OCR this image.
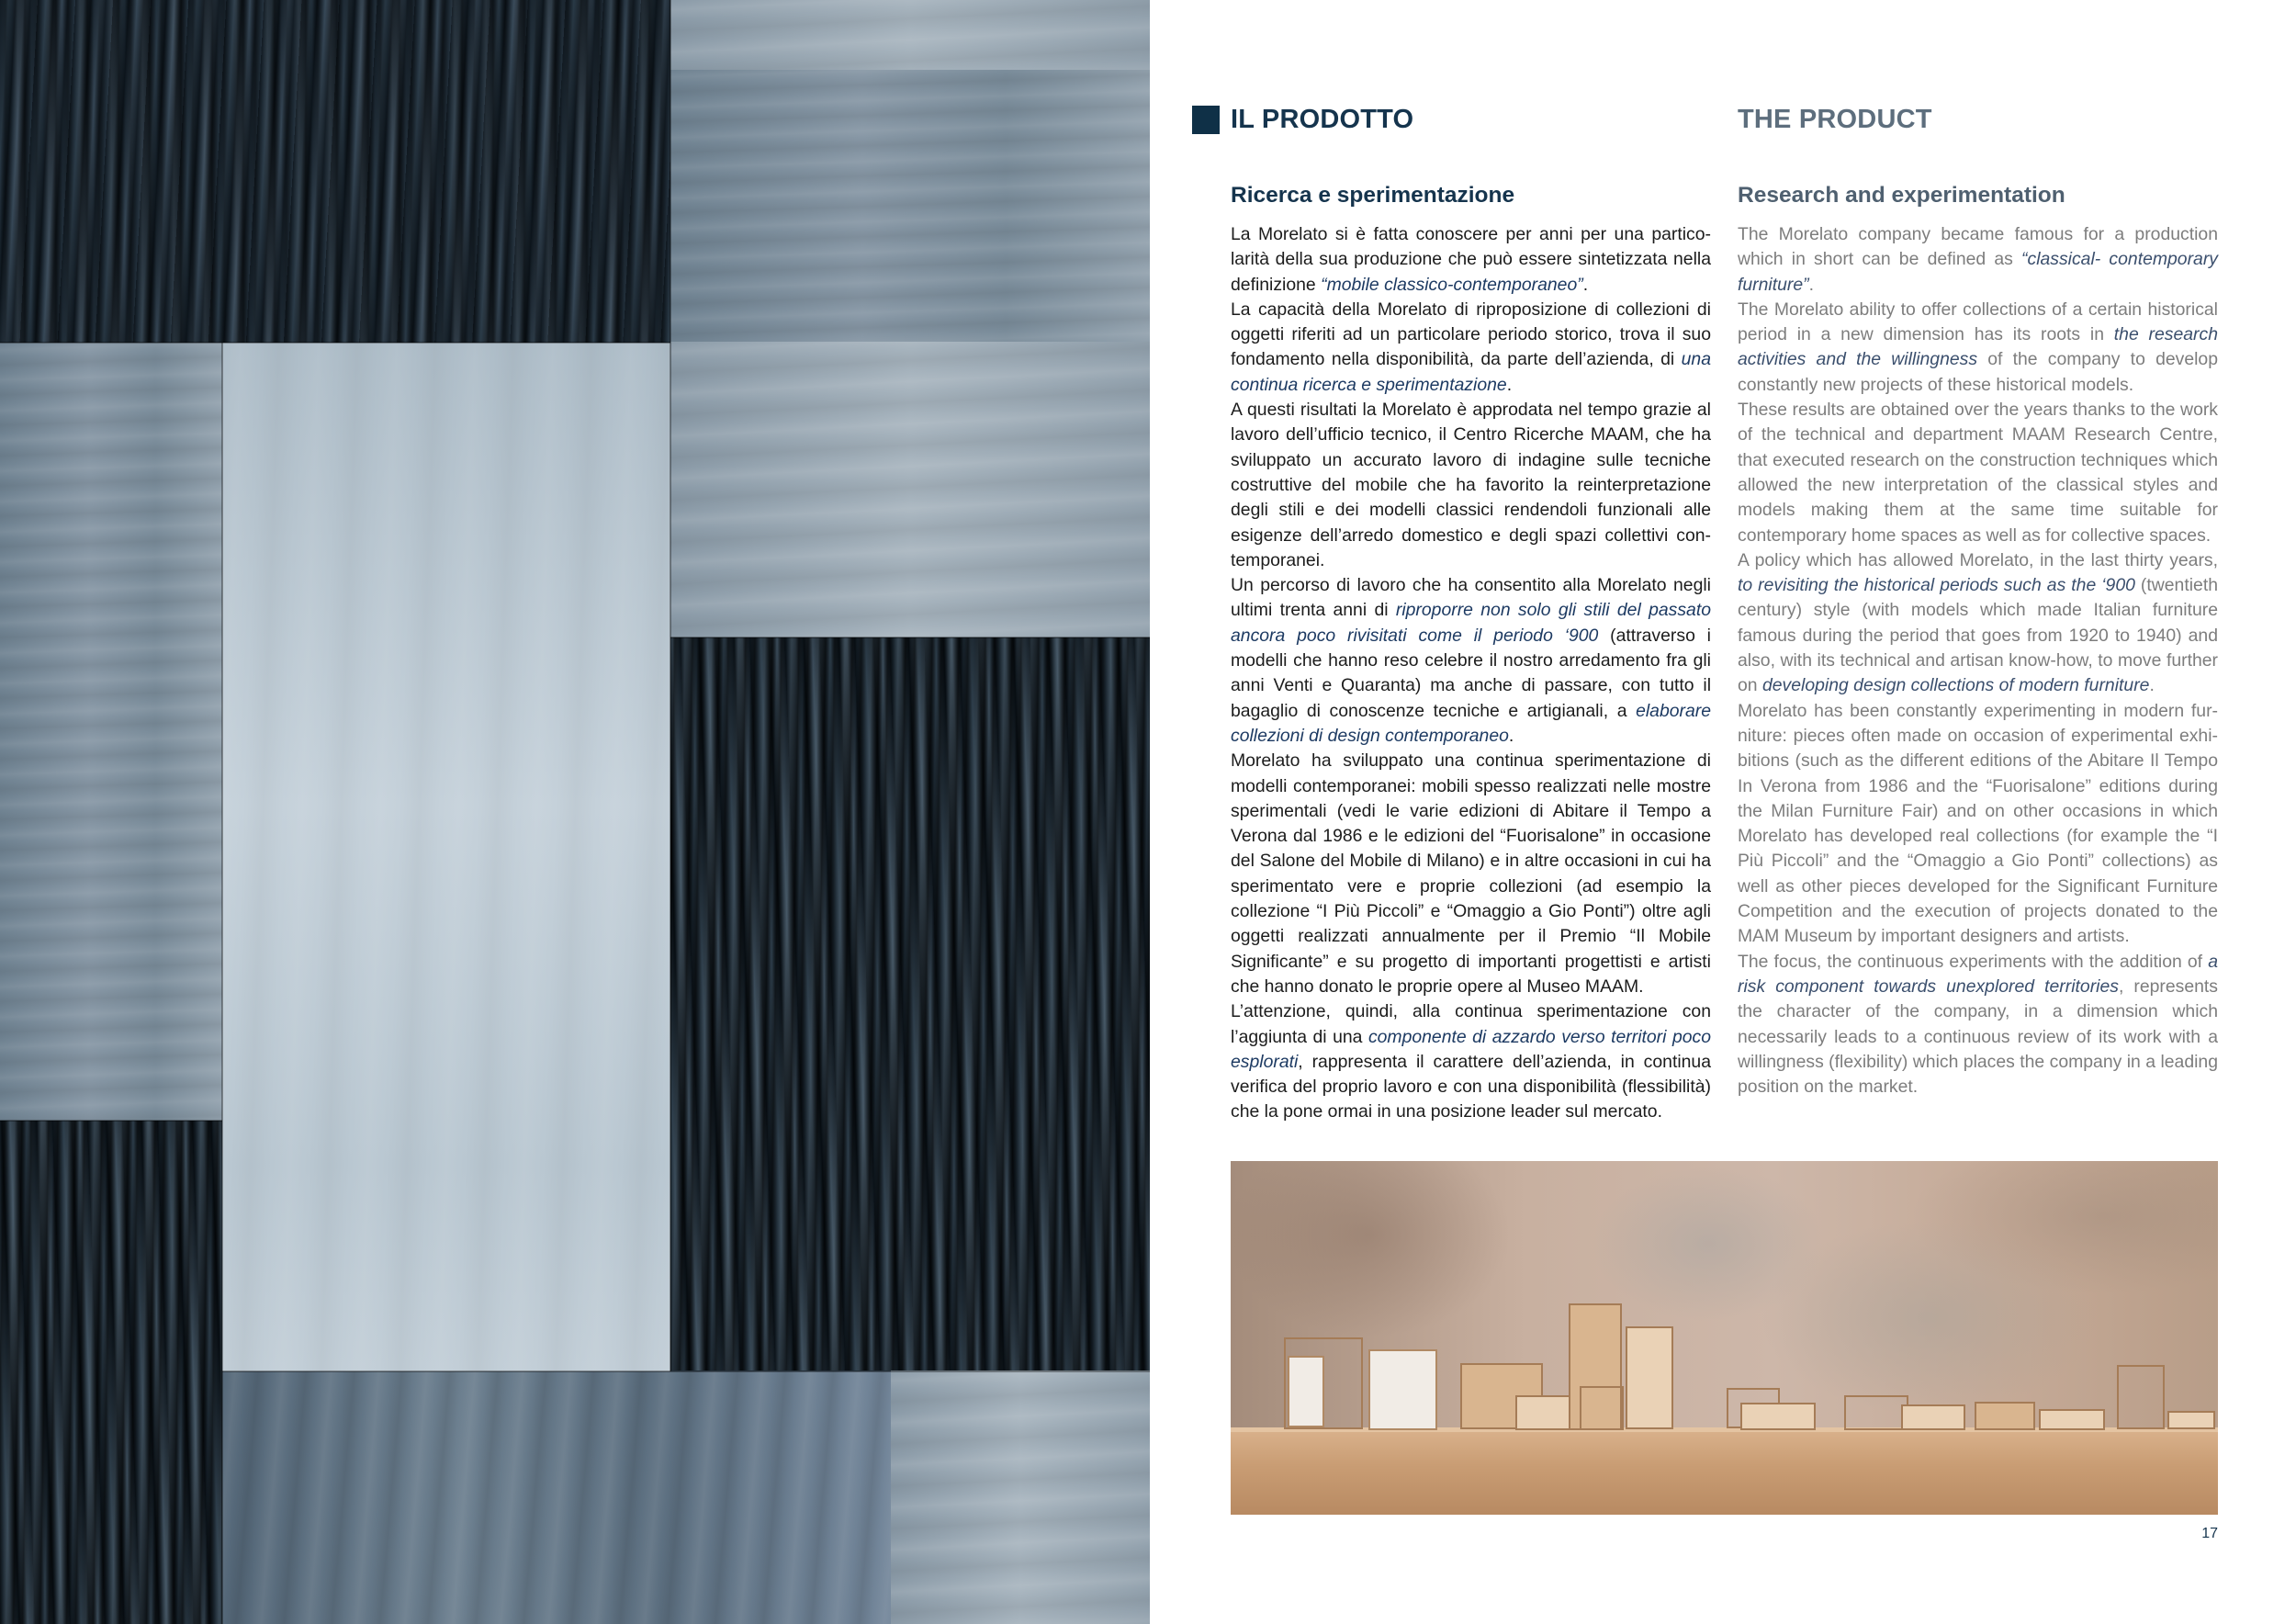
IL PRODOTTO	THE PRODUCT
Ricerca e sperimentazione	Research and experimentation

La Morelato si è fatta conoscere per anni per una particolarità della sua produzione che può essere sintetizzata nella definizione “mobile classico-contemporaneo”.

La capacità della Morelato di riproposizione di collezioni di oggetti riferiti ad un particolare periodo storico, trova il suo fondamento nella disponibilità, da parte dell’azienda, di una continua ricerca e sperimentazione.

A questi risultati la Morelato è approdata nel tempo grazie al lavoro dell’ufficio tecnico, il Centro Ricerche MAAM, che ha sviluppato un accurato lavoro di indagine sulle tecniche costruttive del mobile che ha favorito la reinterpretazione degli stili e dei modelli classici rendendoli funzionali alle esigenze dell’arredo domestico e degli spazi collettivi contemporanei.

Un percorso di lavoro che ha consentito alla Morelato negli ultimi trenta anni di riproporre non solo gli stili del passato ancora poco rivisitati come il periodo ‘900 (attraverso i modelli che hanno reso celebre il nostro arredamento fra gli anni Venti e Quaranta) ma anche di passare, con tutto il bagaglio di conoscenze tecniche e artigianali, a elaborare collezioni di design contemporaneo.

Morelato ha sviluppato una continua sperimentazione di modelli contemporanei: mobili spesso realizzati nelle mostre sperimentali (vedi le varie edizioni di Abitare il Tempo a Verona dal 1986 e le edizioni del “Fuorisalone” in occasione del Salone del Mobile di Milano) e in altre occasioni in cui ha sperimentato vere e proprie collezioni (ad esempio la collezione “I Più Piccoli” e “Omaggio a Gio Ponti”) oltre agli oggetti realizzati annualmente per il Premio “Il Mobile Significante” e su progetto di importanti progettisti e artisti che hanno donato le proprie opere al Museo MAAM.

L’attenzione, quindi, alla continua sperimentazione con l’aggiunta di una componente di azzardo verso territori poco esplorati, rappresenta il carattere dell’azienda, in continua verifica del proprio lavoro e con una disponibilità (flessibilità) che la pone ormai in una posizione leader sul mercato.

The Morelato company became famous for a production which in short can be defined as “classical- contemporary furniture”.

The Morelato ability to offer collections of a certain historical period in a new dimension has its roots in the research activities and the willingness of the company to develop constantly new projects of these historical models.

These results are obtained over the years thanks to the work of the technical and department MAAM Research Centre, that executed research on the construction techniques which allowed the new interpretation of the classical styles and models making them at the same time suitable for contemporary home spaces as well as for collective spaces.

A policy which has allowed Morelato, in the last thirty years, to revisiting the historical periods such as the ‘900 (twentieth century) style (with models which made Italian furniture famous during the period that goes from 1920 to 1940) and also, with its technical and artisan know-how, to move further on developing design collections of modern furniture.

Morelato has been constantly experimenting in modern furniture: pieces often made on occasion of experimental exhibitions (such as the different editions of the Abitare Il Tempo In Verona from 1986 and the “Fuorisalone” editions during the Milan Furniture Fair) and on other occasions in which Morelato has developed real collections (for example the “I Più Piccoli” and the “Omaggio a Gio Ponti” collections) as well as other pieces developed for the Significant Furniture Competition and the execution of projects donated to the MAM Museum by important designers and artists.

The focus, the continuous experiments with the addition of a risk component towards unexplored territories, represents the character of the company, in a dimension which necessarily leads to a continuous review of its work with a willingness (flexibility) which places the company in a leading position on the market.

17
